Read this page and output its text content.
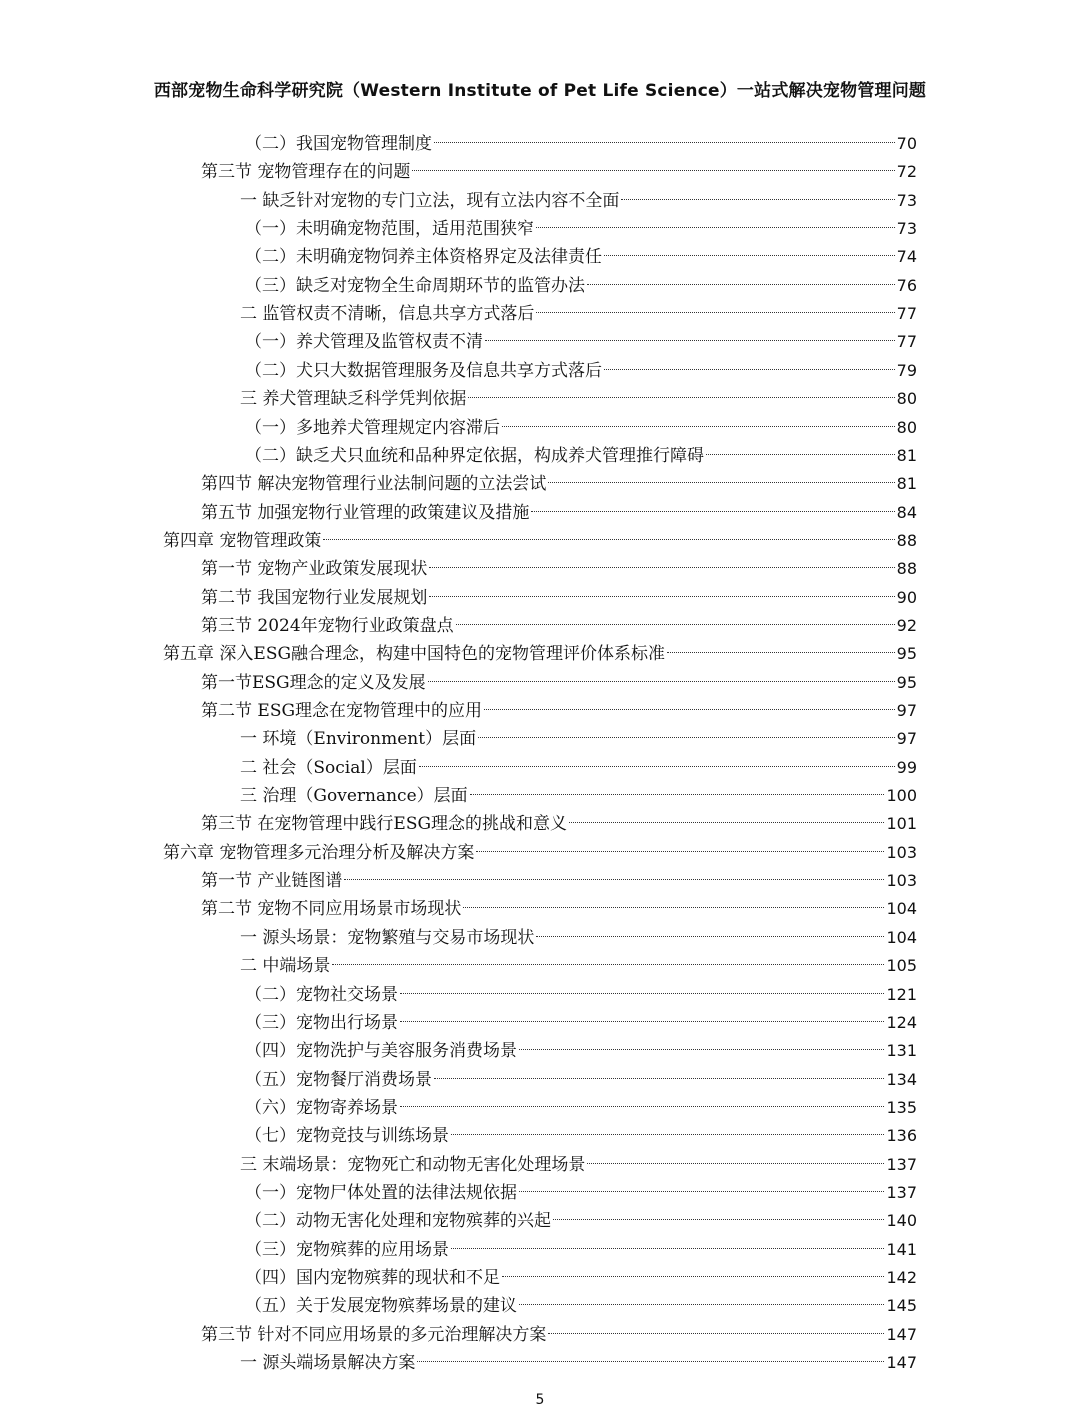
西部宠物生命科学研究院（Western Institute of Pet Life Science）一站式解决宠物管理问题
（二）我国宠物管理制度	70
第三节 宠物管理存在的问题	72
一 缺乏针对宠物的专门立法，现有立法内容不全面	73
（一）未明确宠物范围，适用范围狭窄	73
（二）未明确宠物饲养主体资格界定及法律责任	74
（三）缺乏对宠物全生命周期环节的监管办法	76
二 监管权责不清晰，信息共享方式落后	77
（一）养犬管理及监管权责不清	77
（二）犬只大数据管理服务及信息共享方式落后	79
三 养犬管理缺乏科学凭判依据	80
（一）多地养犬管理规定内容滞后	80
（二）缺乏犬只血统和品种界定依据，构成养犬管理推行障碍	81
第四节 解决宠物管理行业法制问题的立法尝试	81
第五节 加强宠物行业管理的政策建议及措施	84
第四章 宠物管理政策	88
第一节 宠物产业政策发展现状	88
第二节 我国宠物行业发展规划	90
第三节 2024年宠物行业政策盘点	92
第五章 深入ESG融合理念，构建中国特色的宠物管理评价体系标准	95
第一节ESG理念的定义及发展	95
第二节 ESG理念在宠物管理中的应用	97
一 环境（Environment）层面	97
二 社会（Social）层面	99
三 治理（Governance）层面	100
第三节 在宠物管理中践行ESG理念的挑战和意义	101
第六章 宠物管理多元治理分析及解决方案	103
第一节 产业链图谱	103
第二节 宠物不同应用场景市场现状	104
一 源头场景：宠物繁殖与交易市场现状	104
二 中端场景	105
（二）宠物社交场景	121
（三）宠物出行场景	124
（四）宠物洗护与美容服务消费场景	131
（五）宠物餐厅消费场景	134
（六）宠物寄养场景	135
（七）宠物竞技与训练场景	136
三 末端场景：宠物死亡和动物无害化处理场景	137
（一）宠物尸体处置的法律法规依据	137
（二）动物无害化处理和宠物殡葬的兴起	140
（三）宠物殡葬的应用场景	141
（四）国内宠物殡葬的现状和不足	142
（五）关于发展宠物殡葬场景的建议	145
第三节 针对不同应用场景的多元治理解决方案	147
一 源头端场景解决方案	147
5
